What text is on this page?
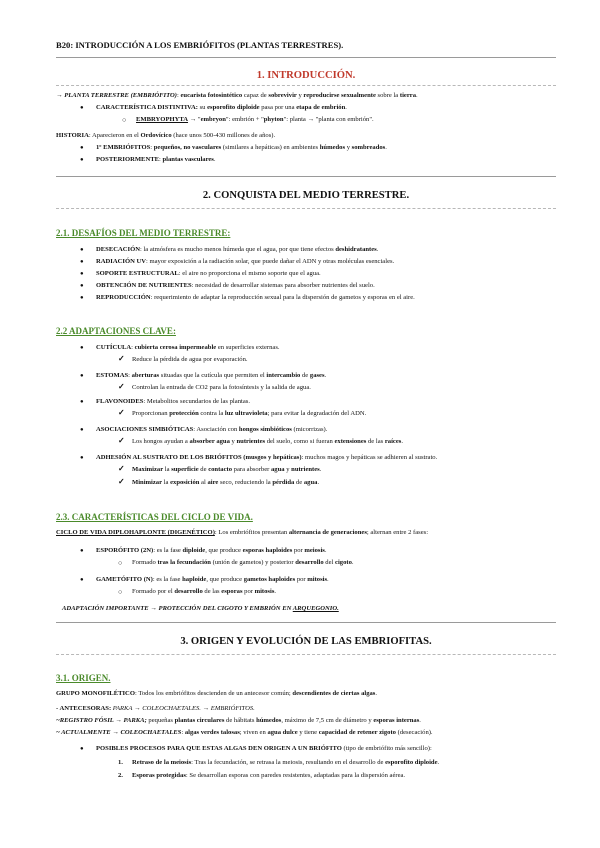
B20: INTRODUCCIÓN A LOS EMBRIÓFITOS (PLANTAS TERRESTRES).
1. INTRODUCCIÓN.
→ PLANTA TERRESTRE (EMBRIÓFITO): eucarista fotosintético capaz de sobrevivir y reproducirse sexualmente sobre la tierra.
● CARACTERÍSTICA DISTINTIVA: su esporofito diploide pasa por una etapa de embrión.
○ EMBRYOPHYTA → "embryon": embrión + "phyton": planta → "planta con embrión".
HISTORIA: Aparecieron en el Ordovícico (hace unos 500-430 millones de años).
● 1º EMBRIÓFITOS: pequeños, no vasculares (similares a hepáticas) en ambientes húmedos y sombreados.
● POSTERIORMENTE: plantas vasculares.
2. CONQUISTA DEL MEDIO TERRESTRE.
2.1. DESAFÍOS DEL MEDIO TERRESTRE:
● DESECACIÓN: la atmósfera es mucho menos húmeda que el agua, por que tiene efectos deshidratantes.
● RADIACIÓN UV: mayor exposición a la radiación solar, que puede dañar el ADN y otras moléculas esenciales.
● SOPORTE ESTRUCTURAL: el aire no proporciona el mismo soporte que el agua.
● OBTENCIÓN DE NUTRIENTES: necesidad de desarrollar sistemas para absorber nutrientes del suelo.
● REPRODUCCIÓN: requerimiento de adaptar la reproducción sexual para la dispersión de gametos y esporas en el aire.
2.2 ADAPTACIONES CLAVE:
● CUTÍCULA: cubierta cerosa impermeable en superficies externas.
✓ Reduce la pérdida de agua por evaporación.
● ESTOMAS: aberturas situadas que la cutícula que permiten el intercambio de gases.
✓ Controlan la entrada de CO2 para la fotosíntesis y la salida de agua.
● FLAVONOIDES: Metabolitos secundarios de las plantas.
✓ Proporcionan protección contra la luz ultravioleta; para evitar la degradación del ADN.
● ASOCIACIONES SIMBIÓTICAS: Asociación con hongos simbióticos (micorrizas).
✓ Los hongos ayudan a absorber agua y nutrientes del suelo, como si fueran extensiones de las raíces.
● ADHESIÓN AL SUSTRATO DE LOS BRIÓFITOS (musgos y hepáticas): muchos magos y hepáticas se adhieren al sustrato.
✓ Maximizar la superficie de contacto para absorber agua y nutrientes.
✓ Minimizar la exposición al aire seco, reduciendo la pérdida de agua.
2.3. CARACTERÍSTICAS DEL CICLO DE VIDA.
CICLO DE VIDA DIPLOHAPLONTE (DIGENÉTICO): Los embriófitos presentan alternancia de generaciones; alternan entre 2 fases:
● ESPORÓFITO (2N): es la fase diploide, que produce esporas haploides por meiosis.
○ Formado tras la fecundación (unión de gametos) y posterior desarrollo del cigoto.
● GAMETÓFITO (N): es la fase haploide, que produce gametos haploides por mitosis.
○ Formado por el desarrollo de las esporas por mitosis.
ADAPTACIÓN IMPORTANTE → PROTECCIÓN DEL CIGOTO Y EMBRIÓN EN ARQUEGONIO.
3. ORIGEN Y EVOLUCIÓN DE LAS EMBRIOFITAS.
3.1. ORIGEN.
GRUPO MONOFILÉTICO: Todos los embriófitos descienden de un antecesor común; descendientes de ciertas algas.
- ANTECESORAS: PARKA → COLEOCHAETALES. → EMBRIÓFITOS.
~REGISTRO FÓSIL → PARKA; pequeñas plantas circulares de hábitats húmedos, máximo de 7,5 cm de diámetro y esporas internas.
~ ACTUALMENTE → COLEOCHAETALES: algas verdes talosas; viven en agua dulce y tiene capacidad de retener zigoto (desecación).
● POSIBLES PROCESOS PARA QUE ESTAS ALGAS DEN ORIGEN A UN BRIÓFITO (tipo de embriófito más sencillo):
1. Retraso de la meiosis: Tras la fecundación, se retrasa la meiosis, resultando en el desarrollo de esporofito diploide.
2. Esporas protegidas: Se desarrollan esporas con paredes resistentes, adaptadas para la dispersión aérea.
